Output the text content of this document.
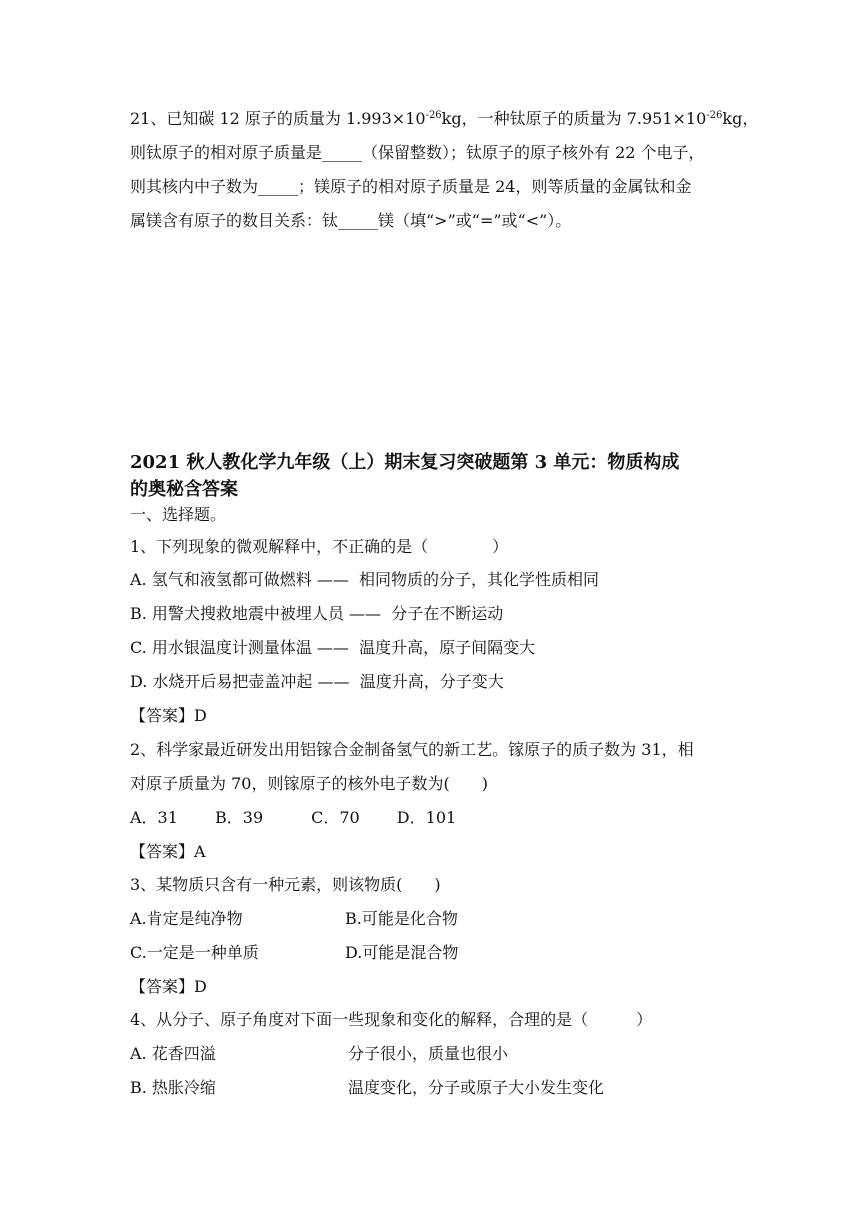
21、已知碳 12 原子的质量为 $1.993\times 10^{-26}kg$，一种钛原子的质量为 $7.951\times 10^{-26}kg$，
则钛原子的相对原子质量是_____（保留整数）；钛原子的原子核外有 22 个电子，
则其核内中子数为_____；镁原子的相对原子质量是 24，则等质量的金属钛和金
属镁含有原子的数目关系：钛_____镁（填“>”或“=”或“<”）。
2021 秋人教化学九年级（上）期末复习突破题第 3 单元：物质构成
的奥秘含答案
一、选择题。
1、下列现象的微观解释中，不正确的是（　　　　）
A. 氢气和液氢都可做燃料 ——  相同物质的分子，其化学性质相同
B. 用警犬搜救地震中被埋人员 ——  分子在不断运动
C. 用水银温度计测量体温 ——  温度升高，原子间隔变大
D. 水烧开后易把壶盖冲起 ——  温度升高，分子变大
【答案】D
2、科学家最近研发出用铝镓合金制备氢气的新工艺。镓原子的质子数为 31，相
对原子质量为 70，则镓原子的核外电子数为(　　)
A．31　　 B．39　　　C．70　　 D．101
【答案】A
3、某物质只含有一种元素，则该物质(　　)
A.肯定是纯净物	B.可能是化合物
C.一定是一种单质	D.可能是混合物
【答案】D
4、从分子、原子角度对下面一些现象和变化的解释，合理的是（　　　）
A. 花香四溢	分子很小，质量也很小
B. 热胀冷缩	温度变化，分子或原子大小发生变化
